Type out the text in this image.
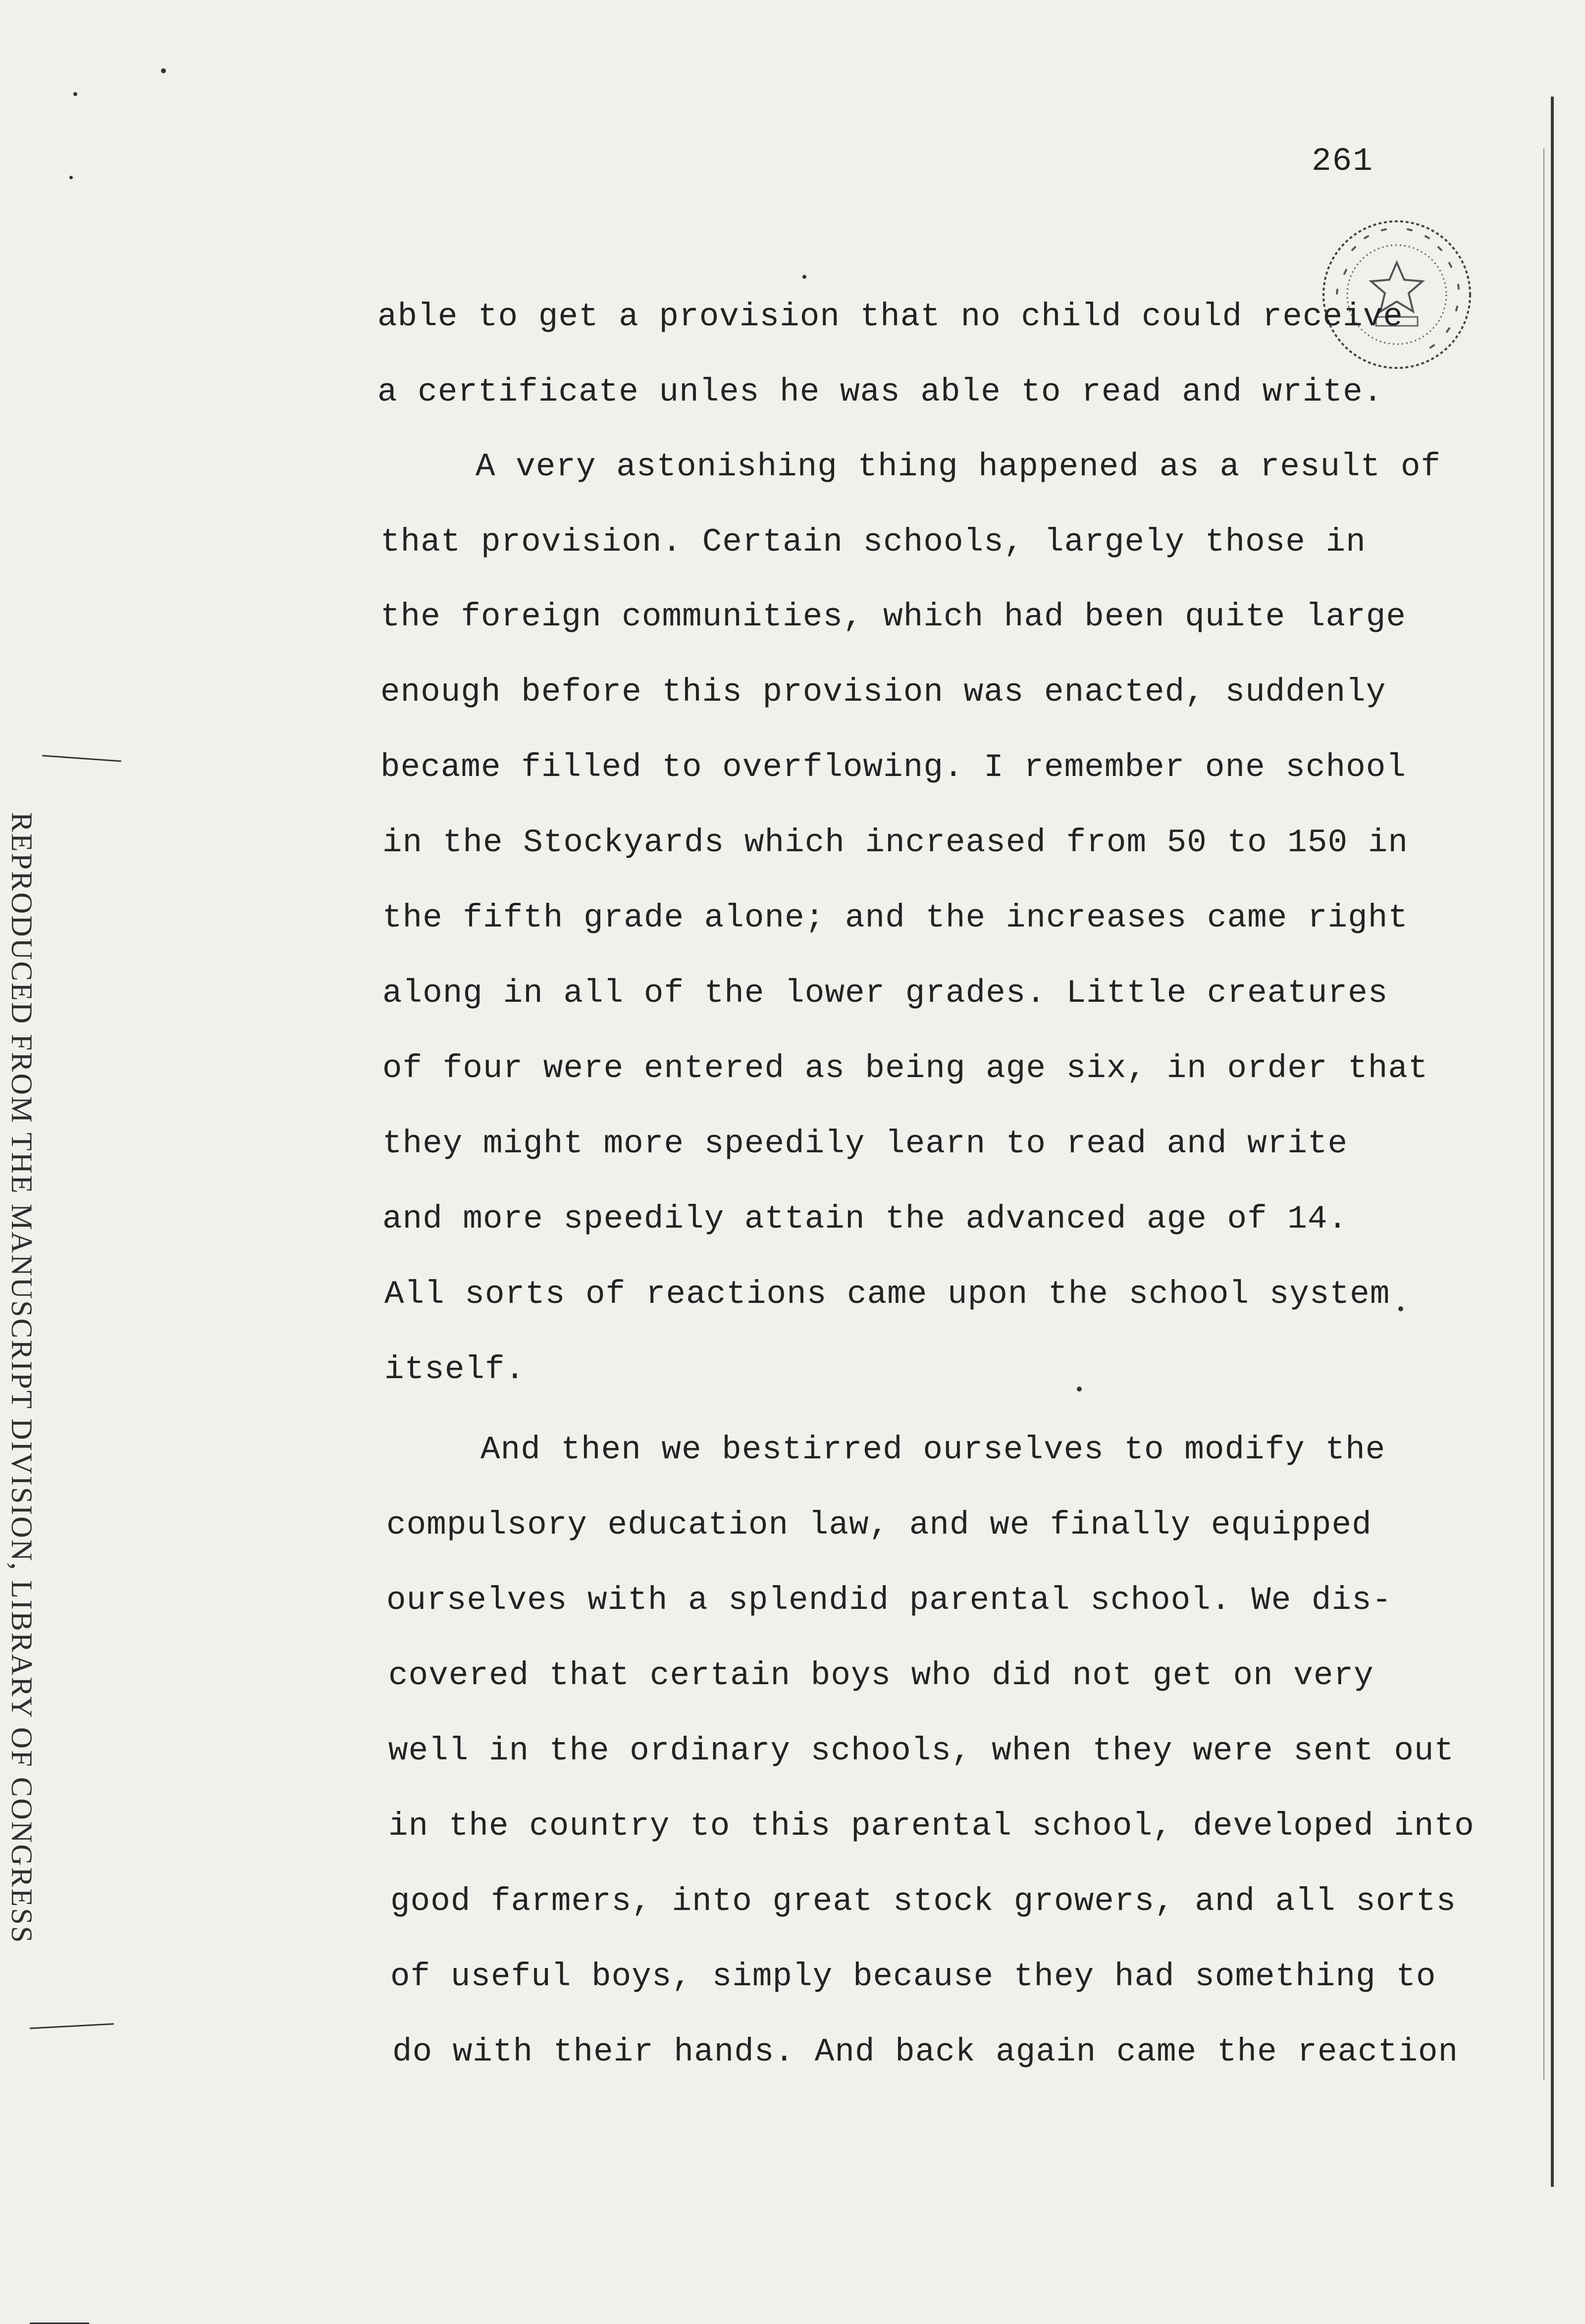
261
REPRODUCED FROM THE MANUSCRIPT DIVISION, LIBRARY OF CONGRESS
able to get a provision that no child could receive
a certificate unles he was able to read and write.
A very astonishing thing happened as a result of
that provision. Certain schools, largely those in
the foreign communities, which had been quite large
enough before this provision was enacted, suddenly
became filled to overflowing. I remember one school
in the Stockyards which increased from 50 to 150 in
the fifth grade alone; and the increases came right
along in all of the lower grades. Little creatures
of four were entered as being age six, in order that
they might more speedily learn to read and write
and more speedily attain the advanced age of 14.
All sorts of reactions came upon the school system
itself.
And then we bestirred ourselves to modify the
compulsory education law, and we finally equipped
ourselves with a splendid parental school. We dis-
covered that certain boys who did not get on very
well in the ordinary schools, when they were sent out
in the country to this parental school, developed into
good farmers, into great stock growers, and all sorts
of useful boys, simply because they had something to
do with their hands. And back again came the reaction
